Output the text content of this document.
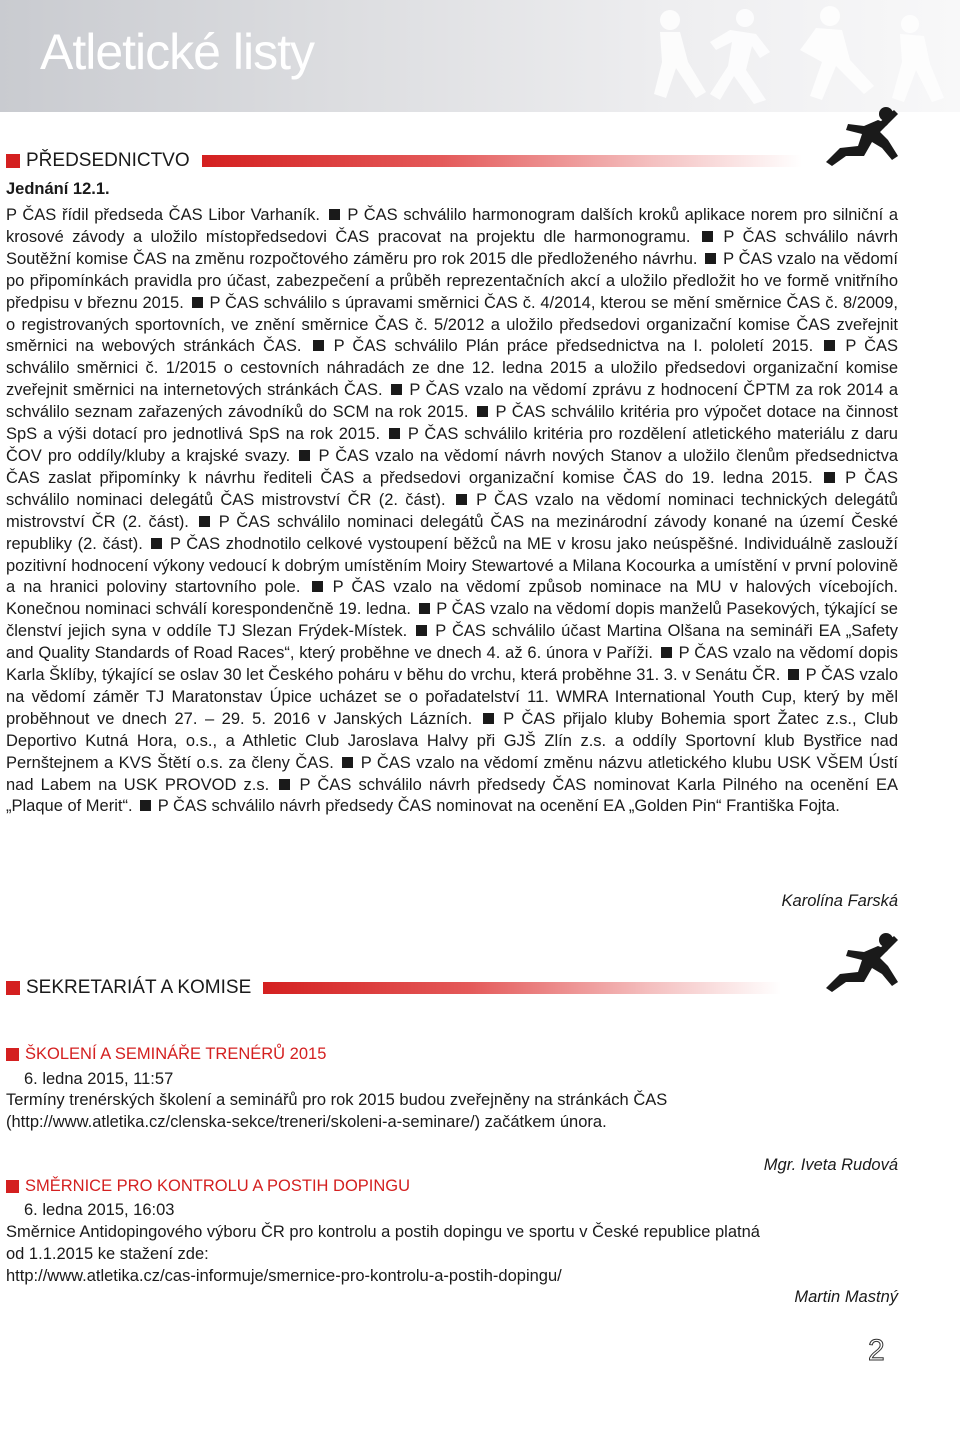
Atletické listy
PŘEDSEDNICTVO
Jednání 12.1.
P ČAS řídil předseda ČAS Libor Varhaník. P ČAS schválilo harmonogram dalších kroků aplikace norem pro silniční a krosové závody a uložilo místopředsedovi ČAS pracovat na projektu dle harmonogramu. P ČAS schválilo návrh Soutěžní komise ČAS na změnu rozpočtového záměru pro rok 2015 dle předloženého návrhu. P ČAS vzalo na vědomí po připomínkách pravidla pro účast, zabezpečení a průběh reprezentačních akcí a uložilo předložit ho ve formě vnitřního předpisu v březnu 2015. P ČAS schválilo s úpravami směrnici ČAS č. 4/2014, kterou se mění směrnice ČAS č. 8/2009, o registrovaných sportovních, ve znění směrnice ČAS č. 5/2012 a uložilo předsedovi organizační komise ČAS zveřejnit směrnici na webových stránkách ČAS. P ČAS schválilo Plán práce předsednictva na I. pololetí 2015. P ČAS schválilo směrnici č. 1/2015 o cestovních náhradách ze dne 12. ledna 2015 a uložilo předsedovi organizační komise zveřejnit směrnici na internetových stránkách ČAS. P ČAS vzalo na vědomí zprávu z hodnocení ČPTM za rok 2014 a schválilo seznam zařazených závodníků do SCM na rok 2015. P ČAS schválilo kritéria pro výpočet dotace na činnost SpS a výši dotací pro jednotlivá SpS na rok 2015. P ČAS schválilo kritéria pro rozdělení atletického materiálu z daru ČOV pro oddíly/kluby a krajské svazy. P ČAS vzalo na vědomí návrh nových Stanov a uložilo členům předsednictva ČAS zaslat připomínky k návrhu řediteli ČAS a předsedovi organizační komise ČAS do 19. ledna 2015. P ČAS schválilo nominaci delegátů ČAS mistrovství ČR (2. část). P ČAS vzalo na vědomí nominaci technických delegátů mistrovství ČR (2. část). P ČAS schválilo nominaci delegátů ČAS na mezinárodní závody konané na území České republiky (2. část). P ČAS zhodnotilo celkové vystoupení běžců na ME v krosu jako neúspěšné. Individuálně zaslouží pozitivní hodnocení výkony vedoucí k dobrým umístěním Moiry Stewartové a Milana Kocourka a umístění v první polovině a na hranici poloviny startovního pole. P ČAS vzalo na vědomí způsob nominace na MU v halových vícebojích. Konečnou nominaci schválí korespondenčně 19. ledna. P ČAS vzalo na vědomí dopis manželů Pasekových, týkající se členství jejich syna v oddíle TJ Slezan Frýdek-Místek. P ČAS schválilo účast Martina Olšana na semináři EA „Safety and Quality Standards of Road Races“, který proběhne ve dnech 4. až 6. února v Paříži. P ČAS vzalo na vědomí dopis Karla Šklíby, týkající se oslav 30 let Českého poháru v běhu do vrchu, která proběhne 31. 3. v Senátu ČR. P ČAS vzalo na vědomí záměr TJ Maratonstav Úpice ucházet se o pořadatelství 11. WMRA International Youth Cup, který by měl proběhnout ve dnech 27. – 29. 5. 2016 v Janských Lázních. P ČAS přijalo kluby Bohemia sport Žatec z.s., Club Deportivo Kutná Hora, o.s., a Athletic Club Jaroslava Halvy při GJŠ Zlín z.s. a oddíly Sportovní klub Bystřice nad Pernštejnem a KVS Štětí o.s. za členy ČAS. P ČAS vzalo na vědomí změnu názvu atletického klubu USK VŠEM Ústí nad Labem na USK PROVOD z.s. P ČAS schválilo návrh předsedy ČAS nominovat Karla Pilného na ocenění EA „Plaque of Merit“. P ČAS schválilo návrh předsedy ČAS nominovat na ocenění EA „Golden Pin“ Františka Fojta.
Karolína Farská
SEKRETARIÁT A KOMISE
ŠKOLENÍ A SEMINÁŘE TRENÉRŮ 2015
6. ledna 2015, 11:57
Termíny trenérských školení a seminářů pro rok 2015 budou zveřejněny na stránkách ČAS
(http://www.atletika.cz/clenska-sekce/treneri/skoleni-a-seminare/) začátkem února.
Mgr. Iveta Rudová
SMĚRNICE PRO KONTROLU A POSTIH DOPINGU
6. ledna 2015, 16:03
Směrnice Antidopingového výboru ČR pro kontrolu a postih dopingu ve sportu v České republice platná
od 1.1.2015 ke stažení zde:
http://www.atletika.cz/cas-informuje/smernice-pro-kontrolu-a-postih-dopingu/
Martin Mastný
2
